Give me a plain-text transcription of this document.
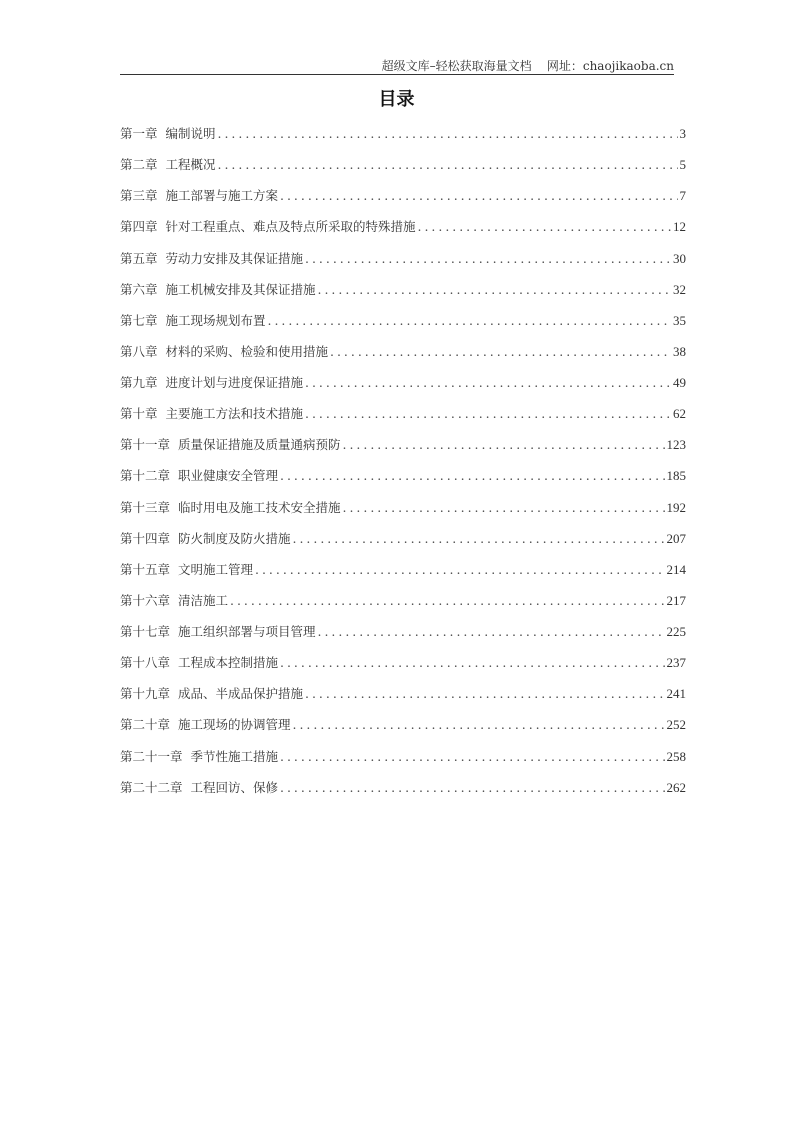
超级文库–轻松获取海量文档    网址：chaojikaoba.cn
目录
第一章 编制说明 . . .	3
第二章 工程概况 . . .	5
第三章 施工部署与施工方案 . . .	7
第四章 针对工程重点、难点及特点所采取的特殊措施 . . .	12
第五章 劳动力安排及其保证措施 . . .	30
第六章 施工机械安排及其保证措施 . . .	32
第七章 施工现场规划布置 . . .	35
第八章 材料的采购、检验和使用措施 . . .	38
第九章 进度计划与进度保证措施 . . .	49
第十章 主要施工方法和技术措施 . . .	62
第十一章 质量保证措施及质量通病预防 . . .	123
第十二章 职业健康安全管理 . . .	185
第十三章 临时用电及施工技术安全措施 . . .	192
第十四章 防火制度及防火措施 . . .	207
第十五章 文明施工管理 . . .	214
第十六章 清洁施工 . . .	217
第十七章 施工组织部署与项目管理 . . .	225
第十八章 工程成本控制措施 . . .	237
第十九章 成品、半成品保护措施 . . .	241
第二十章 施工现场的协调管理 . . .	252
第二十一章 季节性施工措施 . . .	258
第二十二章 工程回访、保修 . . .	262
